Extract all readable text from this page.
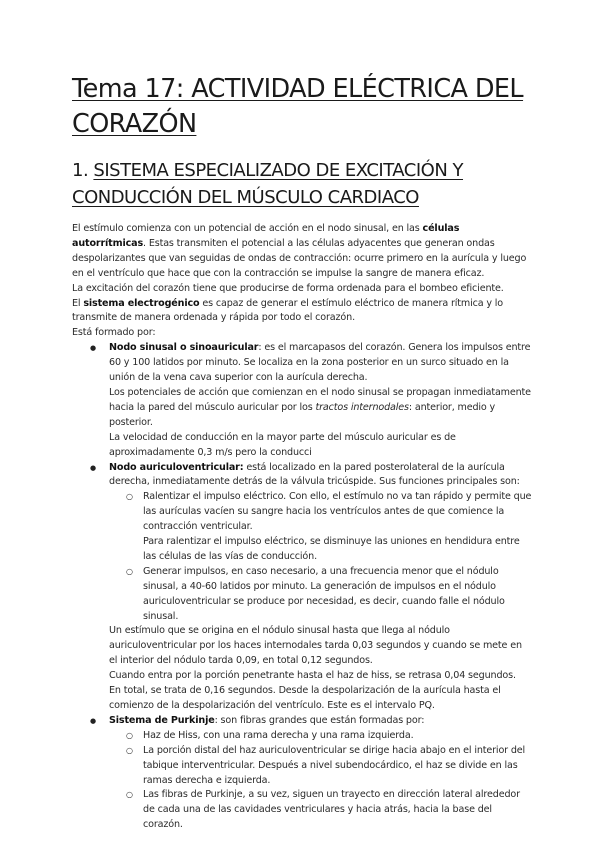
Tema 17: ACTIVIDAD ELÉCTRICA DEL CORAZÓN
1. SISTEMA ESPECIALIZADO DE EXCITACIÓN Y CONDUCCIÓN DEL MÚSCULO CARDIACO

El estímulo comienza con un potencial de acción en el nodo sinusal, en las células autorrítmicas. Estas transmiten el potencial a las células adyacentes que generan ondas despolarizantes que van seguidas de ondas de contracción: ocurre primero en la aurícula y luego en el ventrículo que hace que con la contracción se impulse la sangre de manera eficaz.

La excitación del corazón tiene que producirse de forma ordenada para el bombeo eficiente.

El sistema electrogénico es capaz de generar el estímulo eléctrico de manera rítmica y lo transmite de manera ordenada y rápida por todo el corazón.

Está formado por:

● Nodo sinusal o sinoauricular: es el marcapasos del corazón. Genera los impulsos entre 60 y 100 latidos por minuto. Se localiza en la zona posterior en un surco situado en la unión de la vena cava superior con la aurícula derecha.

Los potenciales de acción que comienzan en el nodo sinusal se propagan inmediatamente hacia la pared del músculo auricular por los tractos internodales: anterior, medio y posterior.

La velocidad de conducción en la mayor parte del músculo auricular es de aproximadamente 0,3 m/s pero la conducci

● Nodo auriculoventricular: está localizado en la pared posterolateral de la aurícula derecha, inmediatamente detrás de la válvula tricúspide. Sus funciones principales son:

○ Ralentizar el impulso eléctrico. Con ello, el estímulo no va tan rápido y permite que las aurículas vacíen su sangre hacia los ventrículos antes de que comience la contracción ventricular.

Para ralentizar el impulso eléctrico, se disminuye las uniones en hendidura entre las células de las vías de conducción.

○ Generar impulsos, en caso necesario, a una frecuencia menor que el nódulo sinusal, a 40-60 latidos por minuto. La generación de impulsos en el nódulo auriculoventricular se produce por necesidad, es decir, cuando falle el nódulo sinusal.

Un estímulo que se origina en el nódulo sinusal hasta que llega al nódulo auriculoventricular por los haces internodales tarda 0,03 segundos y cuando se mete en el interior del nódulo tarda 0,09, en total 0,12 segundos.

Cuando entra por la porción penetrante hasta el haz de hiss, se retrasa 0,04 segundos.

En total, se trata de 0,16 segundos. Desde la despolarización de la aurícula hasta el comienzo de la despolarización del ventrículo. Este es el intervalo PQ.

● Sistema de Purkinje: son fibras grandes que están formadas por:

○ Haz de Hiss, con una rama derecha y una rama izquierda.
○ La porción distal del haz auriculoventricular se dirige hacia abajo en el interior del tabique interventricular. Después a nivel subendocárdico, el haz se divide en las ramas derecha e izquierda.
○ Las fibras de Purkinje, a su vez, siguen un trayecto en dirección lateral alrededor de cada una de las cavidades ventriculares y hacia atrás, hacia la base del corazón.
